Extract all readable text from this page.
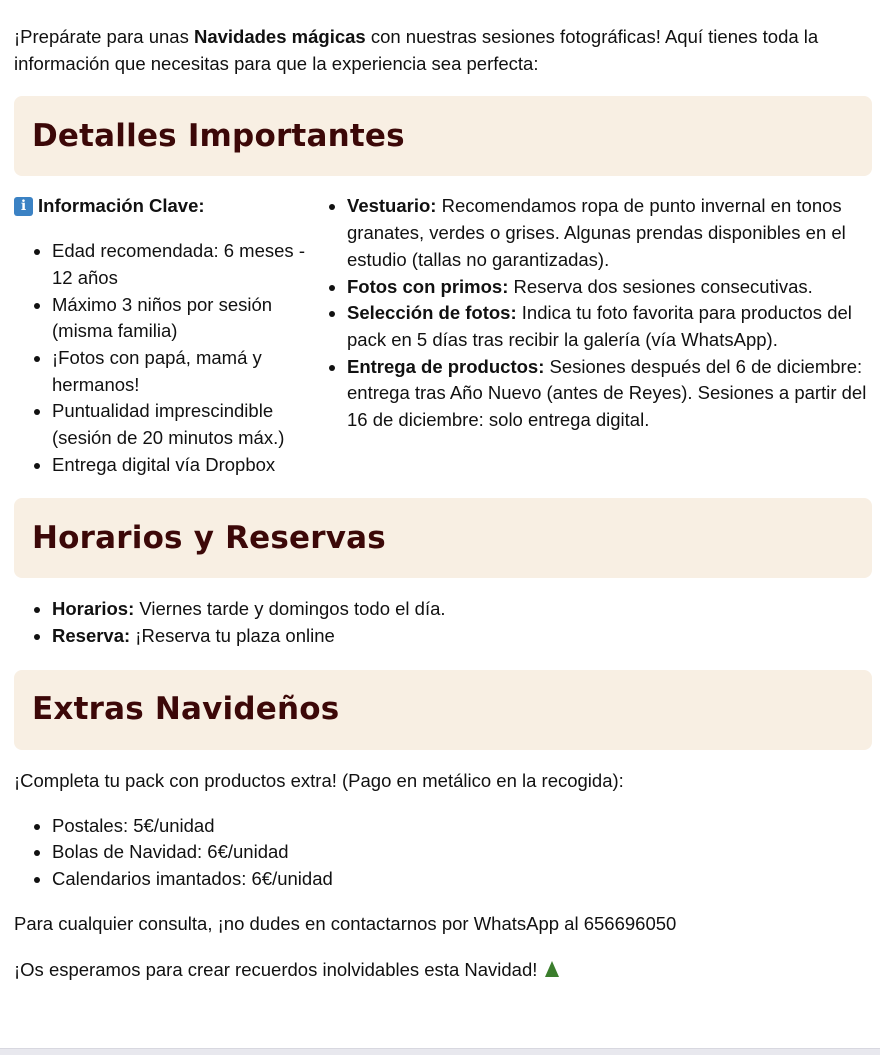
¡Prepárate para unas Navidades mágicas con nuestras sesiones fotográficas! Aquí tienes toda la información que necesitas para que la experiencia sea perfecta:

Detalles Importantes
ℹ Información Clave:
• Edad recomendada: 6 meses - 12 años
• Máximo 3 niños por sesión (misma familia)
• ¡Fotos con papá, mamá y hermanos!
• Puntualidad imprescindible (sesión de 20 minutos máx.)
• Entrega digital vía Dropbox
• Vestuario: Recomendamos ropa de punto invernal en tonos granates, verdes o grises. Algunas prendas disponibles en el estudio (tallas no garantizadas).
• Fotos con primos: Reserva dos sesiones consecutivas.
• Selección de fotos: Indica tu foto favorita para productos del pack en 5 días tras recibir la galería (vía WhatsApp).
• Entrega de productos: Sesiones después del 6 de diciembre: entrega tras Año Nuevo (antes de Reyes). Sesiones a partir del 16 de diciembre: solo entrega digital.
Horarios y Reservas
• Horarios: Viernes tarde y domingos todo el día.
• Reserva: ¡Reserva tu plaza online
Extras Navideños

¡Completa tu pack con productos extra! (Pago en metálico en la recogida):

• Postales: 5€/unidad
• Bolas de Navidad: 6€/unidad
• Calendarios imantados: 6€/unidad

Para cualquier consulta, ¡no dudes en contactarnos por WhatsApp al 656696050

¡Os esperamos para crear recuerdos inolvidables esta Navidad!
